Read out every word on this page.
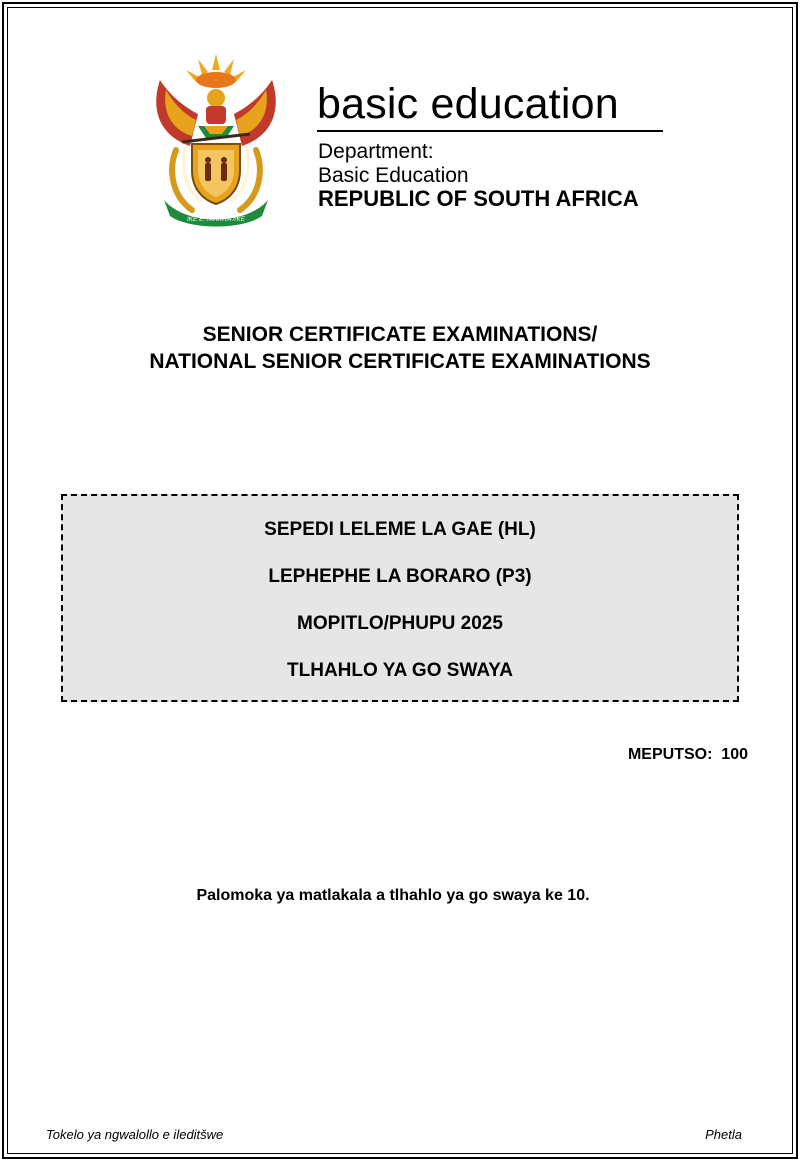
!KE E: /XARRA //KE
basic education
Department:
Basic Education
REPUBLIC OF SOUTH AFRICA
SENIOR CERTIFICATE EXAMINATIONS/
NATIONAL SENIOR CERTIFICATE EXAMINATIONS
SEPEDI LELEME LA GAE (HL)
LEPHEPHE LA BORARO (P3)
MOPITLO/PHUPU 2025
TLHAHLO YA GO SWAYA
MEPUTSO:  100
Palomoka ya matlakala a tlhahlo ya go swaya ke 10.
Tokelo ya ngwalollo e ileditšwe	Phetla
